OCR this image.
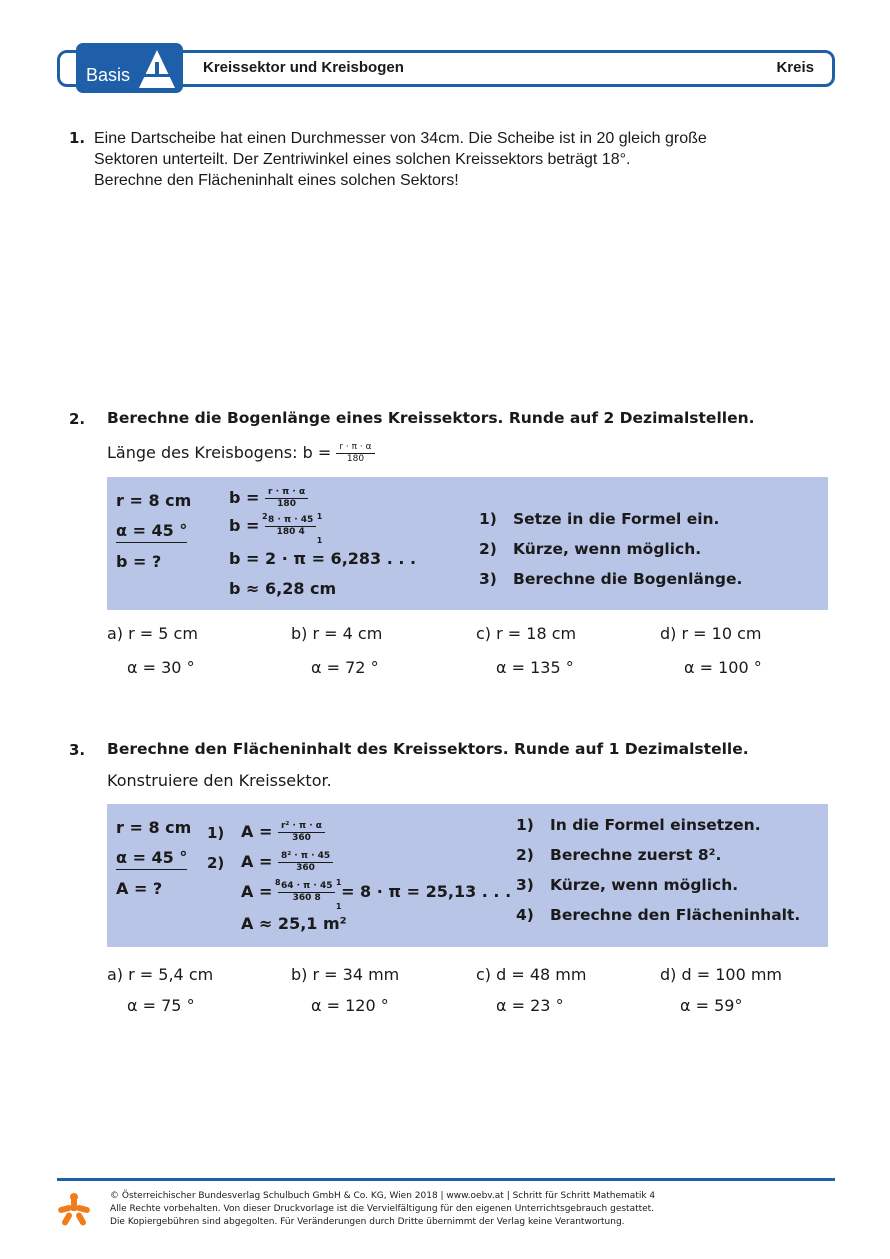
Basis	Kreissektor und Kreisbogen	Kreis
1. Eine Dartscheibe hat einen Durchmesser von 34cm. Die Scheibe ist in 20 gleich große
Sektoren unterteilt. Der Zentriwinkel eines solchen Kreissektors beträgt 18°.
Berechne den Flächeninhalt eines solchen Sektors!
2. Berechne die Bogenlänge eines Kreissektors. Runde auf 2 Dezimalstellen.
Länge des Kreisbogens: $b = \frac{r \cdot \pi \cdot \alpha}{180}$
r = 8 cm
α = 45 °
b = ?
$b = \frac{r \cdot \pi \cdot \alpha}{180}$
b = 2
$\frac{8 \cdot \pi \cdot 45}{180 4} 1$
1
b = 2 · π = 6,283 . . .
b ≈ 6,28 cm
1) Setze in die Formel ein.
2) Kürze, wenn möglich.
3) Berechne die Bogenlänge.
a) r = 5 cm
α = 30 °
b) r = 4 cm
α = 72 °
c) r = 18 cm
α = 135 °
d) r = 10 cm
α = 100 °
3. Berechne den Flächeninhalt des Kreissektors. Runde auf 1 Dezimalstelle.
Konstruiere den Kreissektor.
r = 8 cm
α = 45 °
A = ?
1)
2)
$A = \frac{\text{r² · π · α}}{360}$
$A = \frac{\text{8² · π · 45}}{360}$
A = 8
$\frac{64 \cdot \pi \cdot 45}{360 8} 1$
1
= 8 · π = 25,13 . . .
A ≈ 25,1 m²
1) In die Formel einsetzen.
2) Berechne zuerst 8².
3) Kürze, wenn möglich.
4) Berechne den Flächeninhalt.
a) r = 5,4 cm
α = 75 °
b) r = 34 mm
α = 120 °
c) d = 48 mm
α = 23 °
d) d = 100 mm
α = 59°
© Österreichischer Bundesverlag Schulbuch GmbH & Co. KG, Wien 2018 | www.oebv.at | Schritt für Schritt Mathematik 4
Alle Rechte vorbehalten. Von dieser Druckvorlage ist die Vervielfältigung für den eigenen Unterrichtsgebrauch gestattet.
Die Kopiergebühren sind abgegolten. Für Veränderungen durch Dritte übernimmt der Verlag keine Verantwortung.
